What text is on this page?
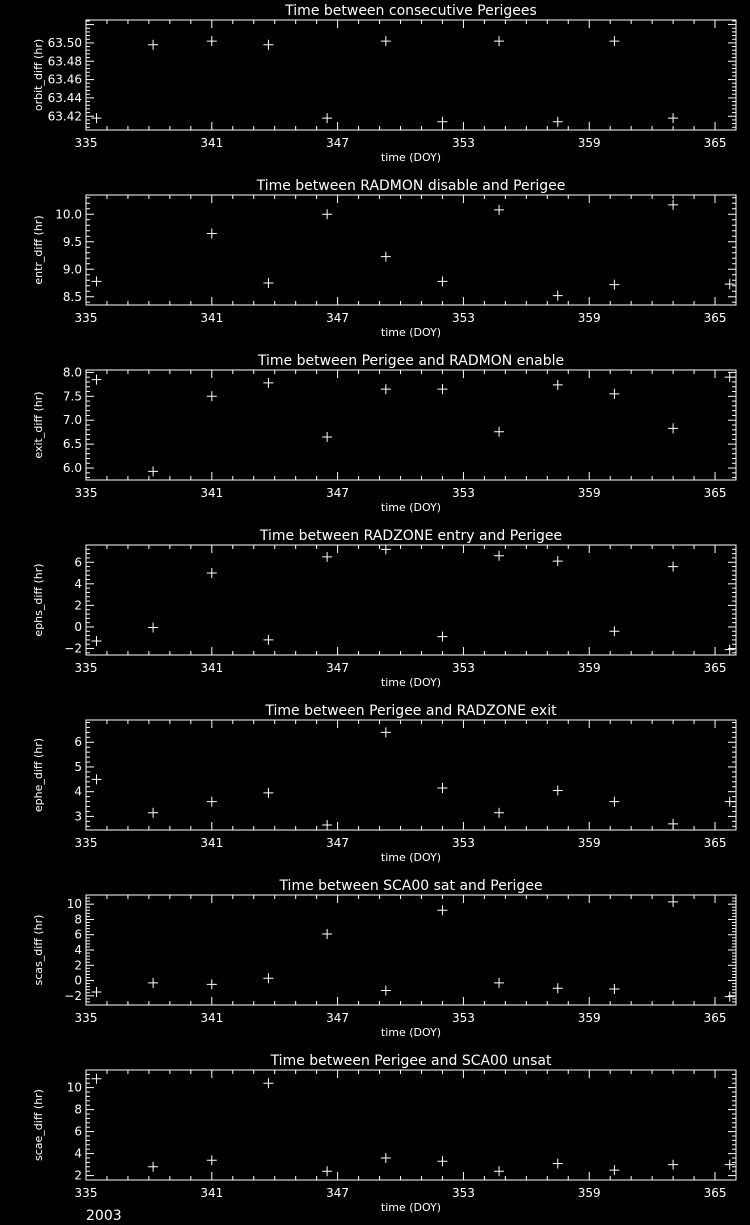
Time between consecutive Perigees
335	341	347	353	359	365
63.42
63.44
63.46
63.48
63.50
time (DOY)
orbit_diff (hr)
Time between RADMON disable and Perigee
335	341	347	353	359	365
8.5
9.0
9.5
10.0
time (DOY)
entr_diff (hr)
Time between Perigee and RADMON enable
335	341	347	353	359	365
6.0
6.5
7.0
7.5
8.0
time (DOY)
exit_diff (hr)
Time between RADZONE entry and Perigee
335	341	347	353	359	365
−2
0
2
4
6
time (DOY)
ephs_diff (hr)
Time between Perigee and RADZONE exit
335	341	347	353	359	365
3
4
5
6
time (DOY)
ephe_diff (hr)
Time between SCA00 sat and Perigee
335	341	347	353	359	365
−2
0
2
4
6
8
10
time (DOY)
scas_diff (hr)
Time between Perigee and SCA00 unsat
335	341	347	353	359	365
2
4
6
8
10
time (DOY)
scae_diff (hr)
2003
